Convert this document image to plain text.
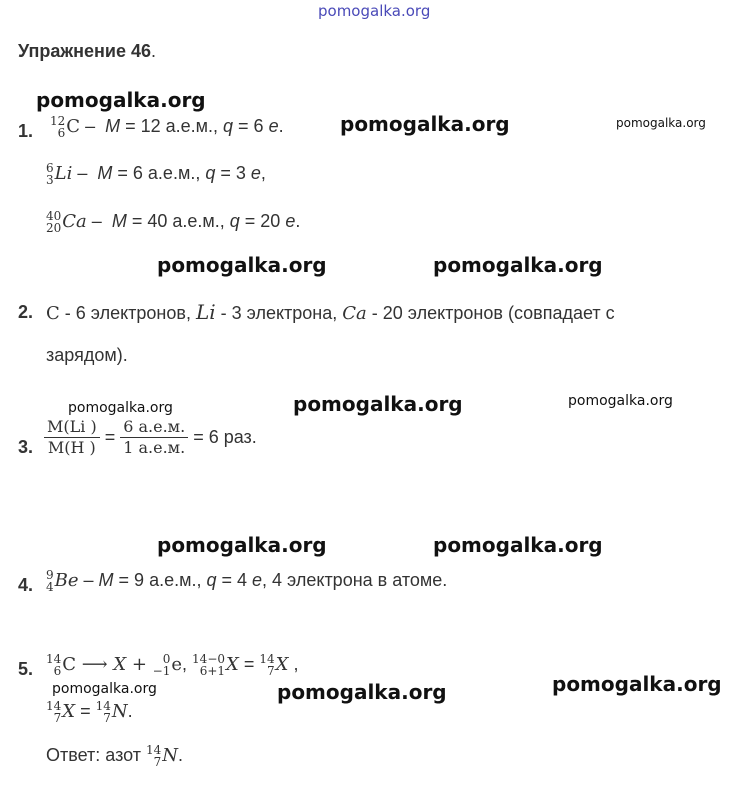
pomogalka.org
pomogalka.org
pomogalka.org	pomogalka.org
pomogalka.org	pomogalka.org
pomogalka.org	pomogalka.org	pomogalka.org
pomogalka.org	pomogalka.org
pomogalka.org	pomogalka.org	pomogalka.org
Упражнение 46.
1. 12
6 C – M = 12 а.е.м., q = 6 e.
6
3 Li – M = 6 а.е.м., q = 3 e,
40
20 Ca – M = 40 а.е.м., q = 20 e.
2. C - 6 электронов, Li - 3 электрона, Ca - 20 электронов (совпадает с
зарядом).
3. $\frac{M(Li )}{M(H )} = \frac{6 а.е.м.}{1 а.е.м.} = 6$ раз.
4. 9
4 Be – M = 9 а.е.м., q = 4 e, 4 электрона в атоме.
5. 14
6 C ⟶ X + 0
−1 e, 14−0
6+1 X = 14
7 X ,
14
7 X = 14
7 N.
Ответ: азот 14
7 N.
